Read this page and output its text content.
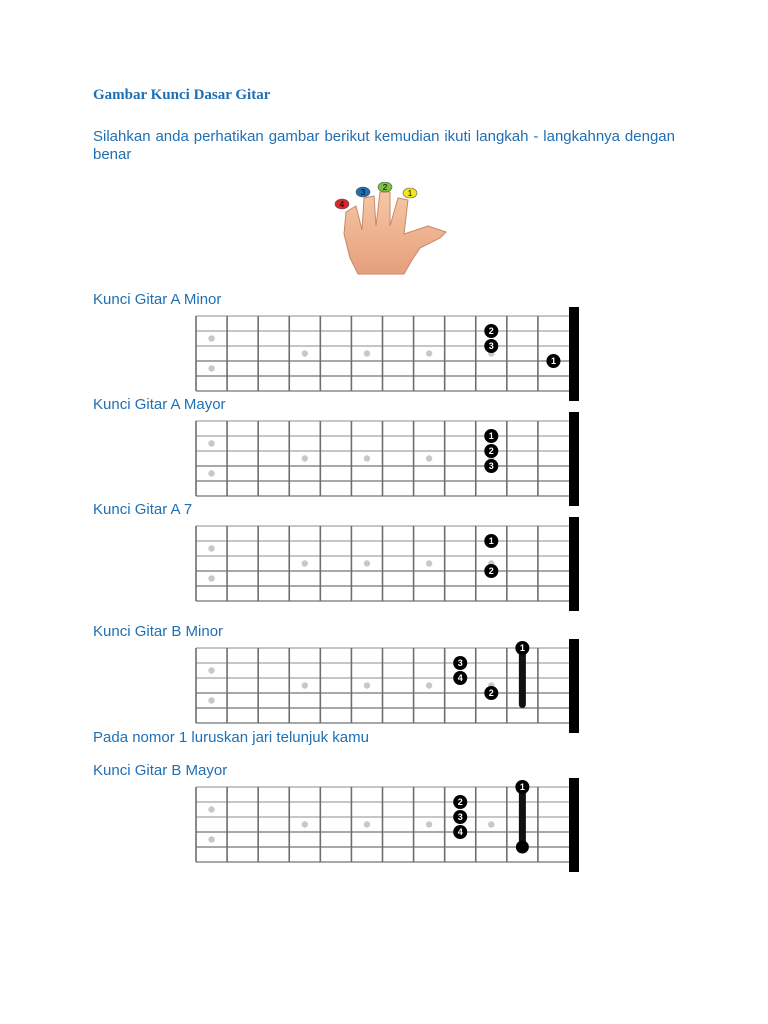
Gambar Kunci Dasar Gitar
Silahkan anda perhatikan gambar berikut kemudian ikuti langkah - langkahnya dengan benar
4
3
2
1
Kunci Gitar A Minor
2
3
1
Kunci Gitar A Mayor
1
2
3
Kunci Gitar A 7
1
2
Kunci Gitar B Minor
1
3
4
2
Pada nomor 1 luruskan jari telunjuk kamu
Kunci Gitar B Mayor
1
2
3
4
